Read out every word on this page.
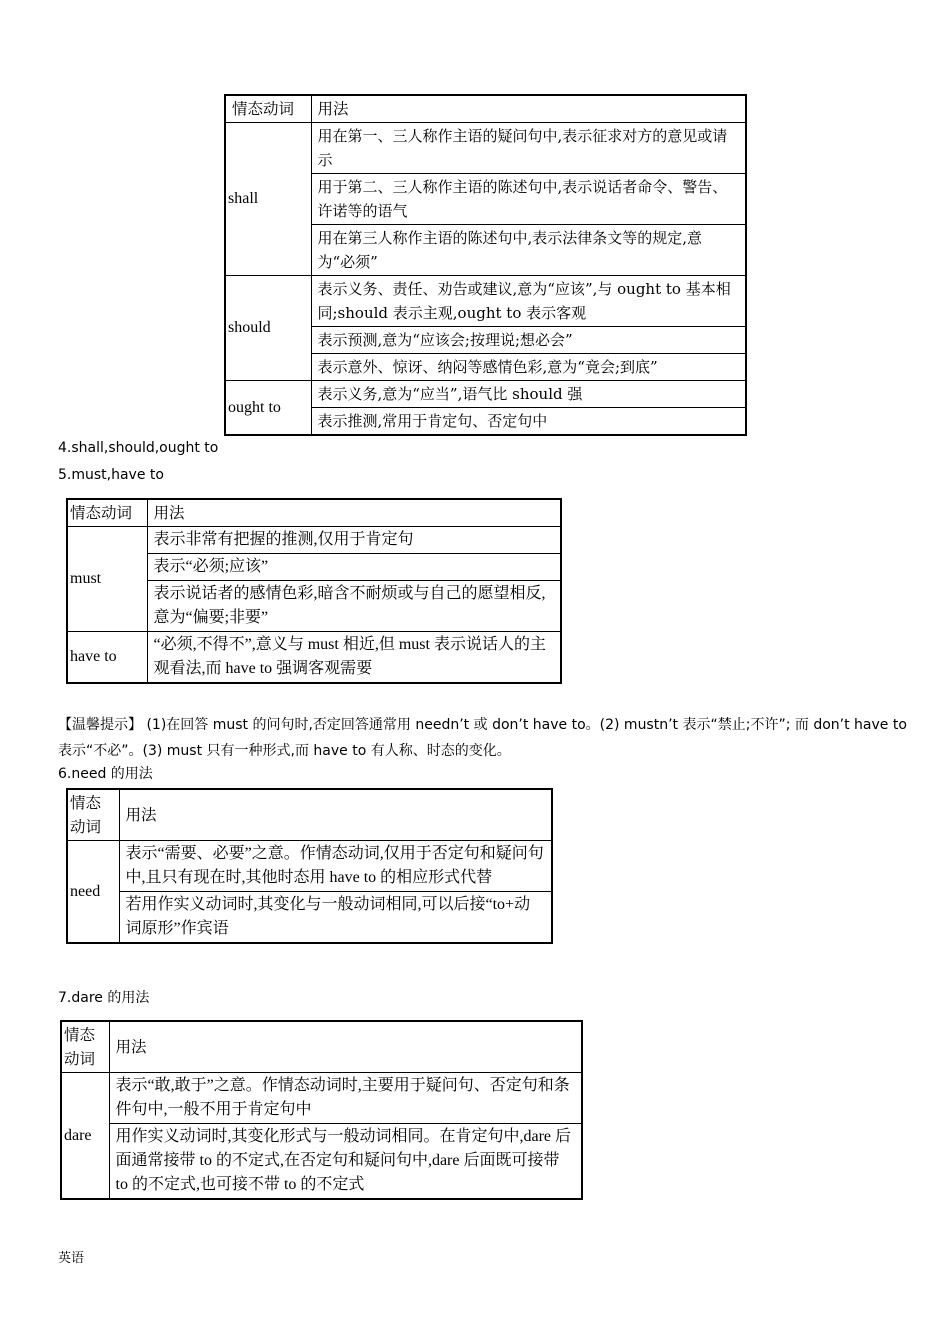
情态动词	用法
shall	用在第一、三人称作主语的疑问句中,表示征求对方的意见或请示
	用于第二、三人称作主语的陈述句中,表示说话者命令、警告、许诺等的语气
	用在第三人称作主语的陈述句中,表示法律条文等的规定,意为“必须”
should	表示义务、责任、劝告或建议,意为“应该”,与 ought to 基本相同;should 表示主观,ought to 表示客观
	表示预测,意为“应该会;按理说;想必会”
	表示意外、惊讶、纳闷等感情色彩,意为“竟会;到底”
ought to	表示义务,意为“应当”,语气比 should 强
	表示推测,常用于肯定句、否定句中
4.shall,should,ought to
5.must,have to
情态动词	用法
must	表示非常有把握的推测,仅用于肯定句
	表示“必须;应该”
	表示说话者的感情色彩,暗含不耐烦或与自己的愿望相反,意为“偏要;非要”
have to	“必须,不得不”,意义与 must 相近,但 must 表示说话人的主观看法,而 have to 强调客观需要
【温馨提示】 (1)在回答 must 的问句时,否定回答通常用 needn’t 或 don’t have to。(2) mustn’t 表示“禁止;不许”; 而 don’t have to 表示“不必”。(3) must 只有一种形式,而 have to 有人称、时态的变化。
6.need 的用法
情态动词	用法
need	表示“需要、必要”之意。作情态动词,仅用于否定句和疑问句中,且只有现在时,其他时态用 have to 的相应形式代替
	若用作实义动词时,其变化与一般动词相同,可以后接“to+动词原形”作宾语
7.dare 的用法
情态动词	用法
dare	表示“敢,敢于”之意。作情态动词时,主要用于疑问句、否定句和条件句中,一般不用于肯定句中
	用作实义动词时,其变化形式与一般动词相同。在肯定句中,dare 后面通常接带 to 的不定式,在否定句和疑问句中,dare 后面既可接带 to 的不定式,也可接不带 to 的不定式
英语
